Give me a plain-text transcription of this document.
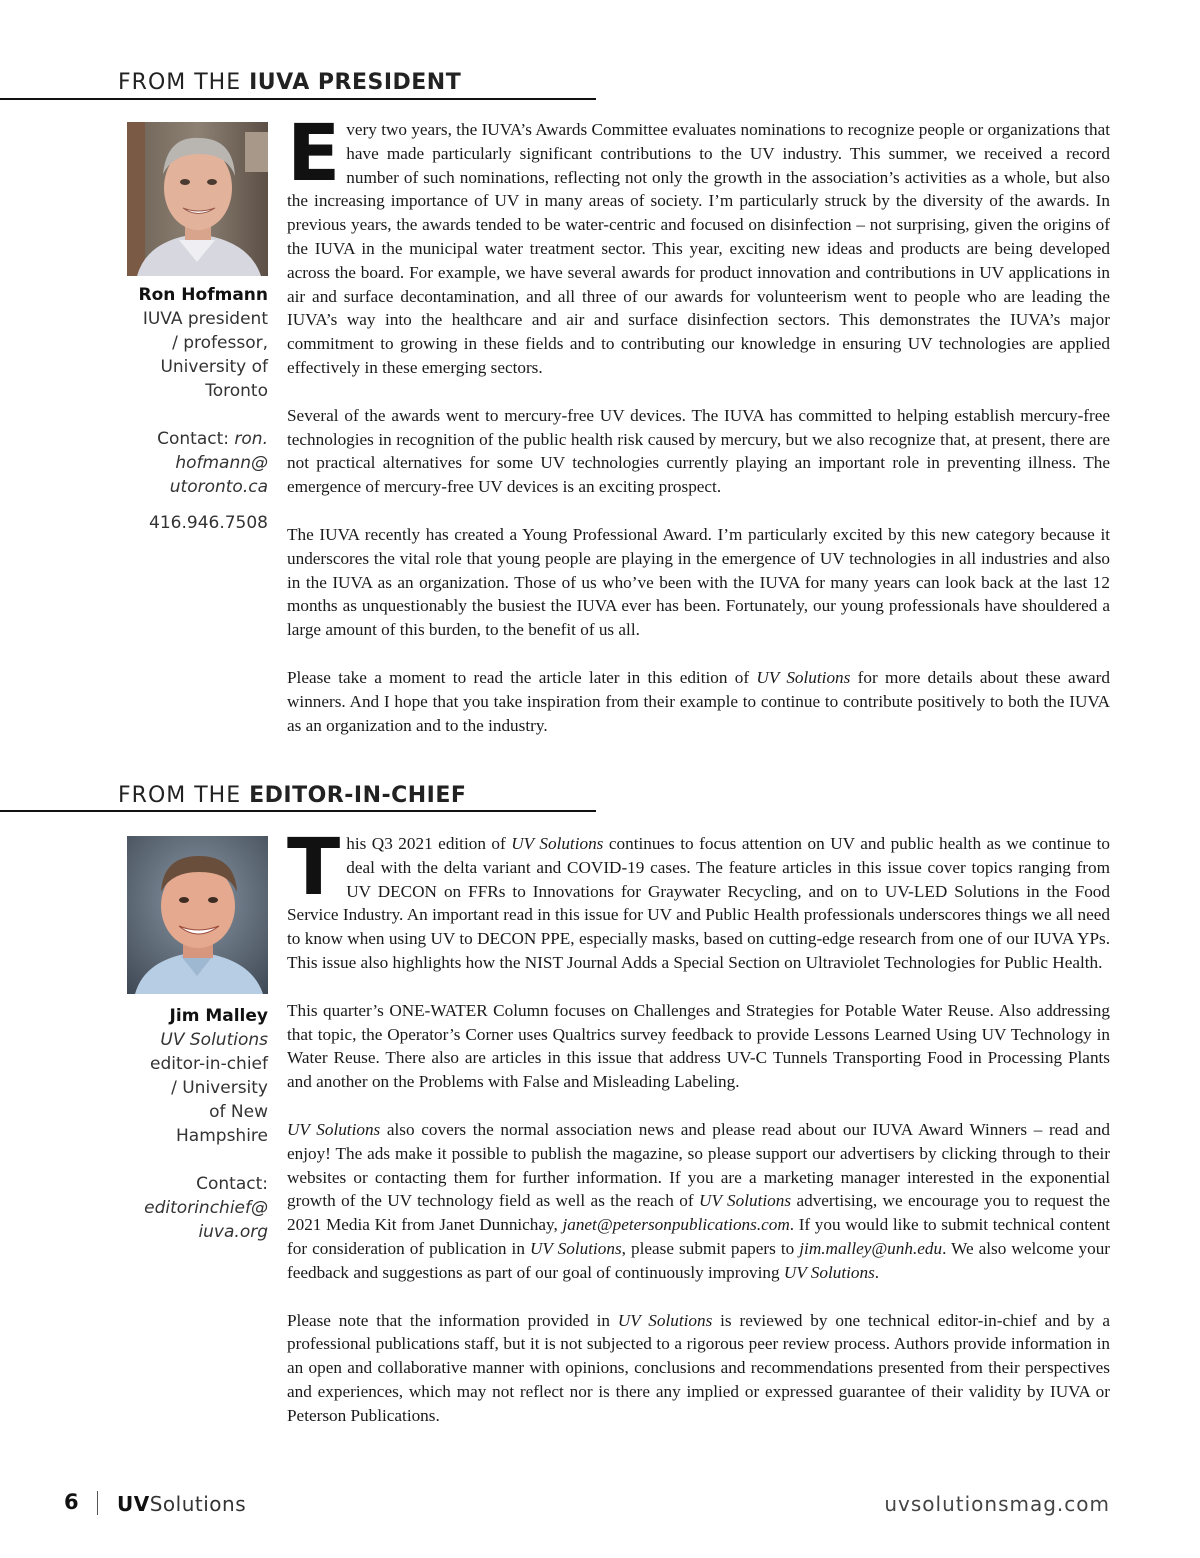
FROM THE IUVA PRESIDENT
Ron Hofmann
IUVA president
/ professor,
University of
Toronto
Contact: ron.
hofmann@
utoronto.ca
416.946.7508

Every two years, the IUVA’s Awards Committee evaluates nominations to recognize people or organizations that have made particularly significant contributions to the UV industry. This summer, we received a record number of such nominations, reflecting not only the growth in the association’s activities as a whole, but also the increasing importance of UV in many areas of society. I’m particularly struck by the diversity of the awards. In previous years, the awards tended to be water-centric and focused on disinfection – not surprising, given the origins of the IUVA in the municipal water treatment sector. This year, exciting new ideas and products are being developed across the board. For example, we have several awards for product innovation and contributions in UV applications in air and surface decontamination, and all three of our awards for volunteerism went to people who are leading the IUVA’s way into the healthcare and air and surface disinfection sectors. This demonstrates the IUVA’s major commitment to growing in these fields and to contributing our knowledge in ensuring UV technologies are applied effectively in these emerging sectors.

Several of the awards went to mercury-free UV devices. The IUVA has committed to helping establish mercury-free technologies in recognition of the public health risk caused by mercury, but we also recognize that, at present, there are not practical alternatives for some UV technologies currently playing an important role in preventing illness. The emergence of mercury-free UV devices is an exciting prospect.

The IUVA recently has created a Young Professional Award. I’m particularly excited by this new category because it underscores the vital role that young people are playing in the emergence of UV technologies in all industries and also in the IUVA as an organization. Those of us who’ve been with the IUVA for many years can look back at the last 12 months as unquestionably the busiest the IUVA ever has been. Fortunately, our young professionals have shouldered a large amount of this burden, to the benefit of us all.

Please take a moment to read the article later in this edition of UV Solutions for more details about these award winners. And I hope that you take inspiration from their example to continue to contribute positively to both the IUVA as an organization and to the industry.

FROM THE EDITOR-IN-CHIEF
Jim Malley
UV Solutions
editor-in-chief
/ University
of New
Hampshire
Contact:
editorinchief@
iuva.org

This Q3 2021 edition of UV Solutions continues to focus attention on UV and public health as we continue to deal with the delta variant and COVID-19 cases. The feature articles in this issue cover topics ranging from UV DECON on FFRs to Innovations for Graywater Recycling, and on to UV-LED Solutions in the Food Service Industry. An important read in this issue for UV and Public Health professionals underscores things we all need to know when using UV to DECON PPE, especially masks, based on cutting-edge research from one of our IUVA YPs. This issue also highlights how the NIST Journal Adds a Special Section on Ultraviolet Technologies for Public Health.

This quarter’s ONE-WATER Column focuses on Challenges and Strategies for Potable Water Reuse. Also addressing that topic, the Operator’s Corner uses Qualtrics survey feedback to provide Lessons Learned Using UV Technology in Water Reuse. There also are articles in this issue that address UV-C Tunnels Transporting Food in Processing Plants and another on the Problems with False and Misleading Labeling.

UV Solutions also covers the normal association news and please read about our IUVA Award Winners – read and enjoy! The ads make it possible to publish the magazine, so please support our advertisers by clicking through to their websites or contacting them for further information. If you are a marketing manager interested in the exponential growth of the UV technology field as well as the reach of UV Solutions advertising, we encourage you to request the 2021 Media Kit from Janet Dunnichay, janet@petersonpublications.com. If you would like to submit technical content for consideration of publication in UV Solutions, please submit papers to jim.malley@unh.edu. We also welcome your feedback and suggestions as part of our goal of continuously improving UV Solutions.

Please note that the information provided in UV Solutions is reviewed by one technical editor-in-chief and by a professional publications staff, but it is not subjected to a rigorous peer review process. Authors provide information in an open and collaborative manner with opinions, conclusions and recommendations presented from their perspectives and experiences, which may not reflect nor is there any implied or expressed guarantee of their validity by IUVA or Peterson Publications.

6 UVSolutions	uvsolutionsmag.com
